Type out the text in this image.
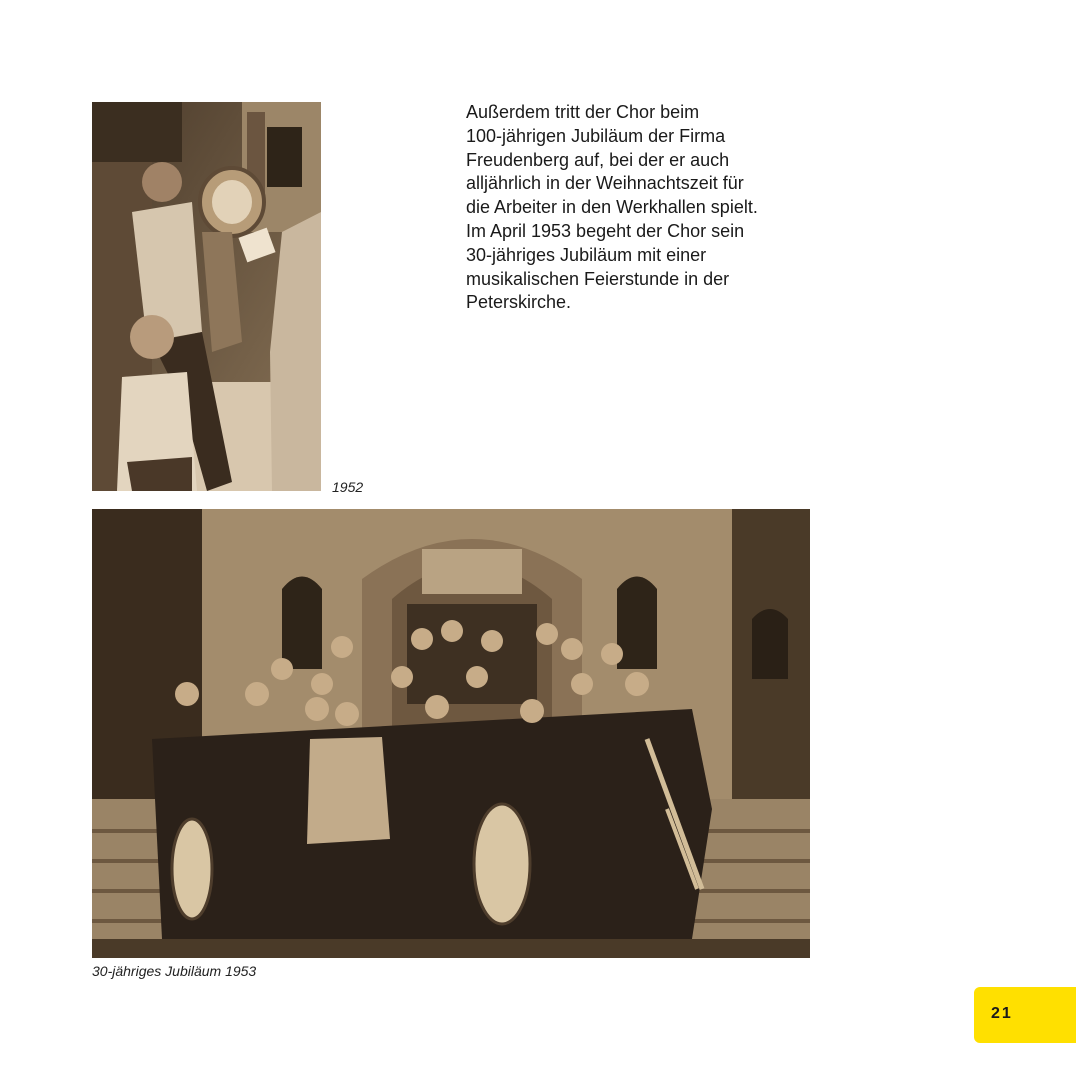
1952
Außerdem tritt der Chor beim
100-jährigen Jubiläum der Firma
Freudenberg auf, bei der er auch
alljährlich in der Weihnachtszeit für
die Arbeiter in den Werkhallen spielt.
Im April 1953 begeht der Chor sein
30-jähriges Jubiläum mit einer
musikalischen Feierstunde in der
Peterskirche.
30-jähriges Jubiläum 1953
21
